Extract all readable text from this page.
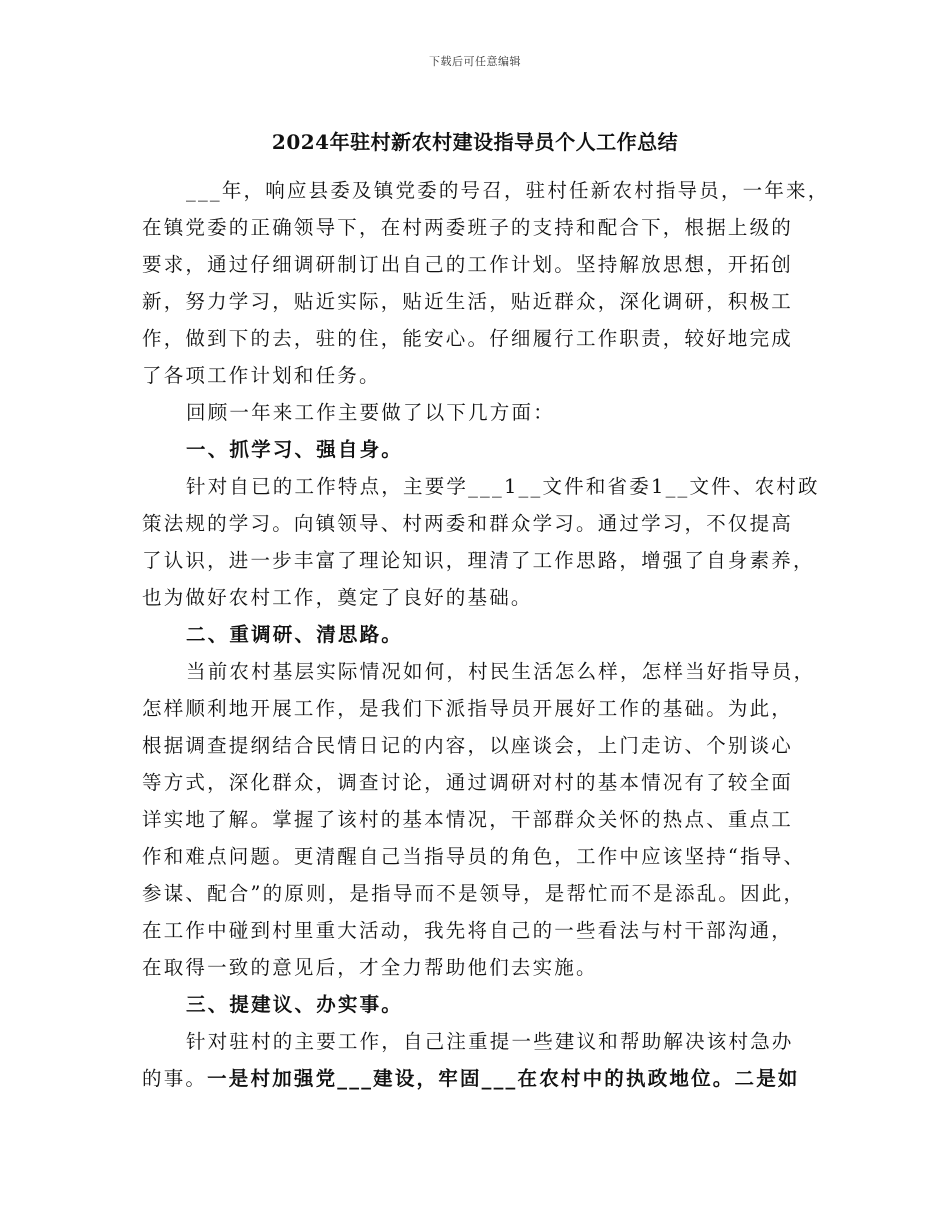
下载后可任意编辑
2024年驻村新农村建设指导员个人工作总结
___年，响应县委及镇党委的号召，驻村任新农村指导员，一年来，
在镇党委的正确领导下，在村两委班子的支持和配合下，根据上级的
要求，通过仔细调研制订出自己的工作计划。坚持解放思想，开拓创
新，努力学习，贴近实际，贴近生活，贴近群众，深化调研，积极工
作，做到下的去，驻的住，能安心。仔细履行工作职责，较好地完成
了各项工作计划和任务。
回顾一年来工作主要做了以下几方面：
一、抓学习、强自身。
针对自已的工作特点，主要学___1__文件和省委1__文件、农村政
策法规的学习。向镇领导、村两委和群众学习。通过学习，不仅提高
了认识，进一步丰富了理论知识，理清了工作思路，增强了自身素养，
也为做好农村工作，奠定了良好的基础。
二、重调研、清思路。
当前农村基层实际情况如何，村民生活怎么样，怎样当好指导员，
怎样顺利地开展工作，是我们下派指导员开展好工作的基础。为此，
根据调查提纲结合民情日记的内容，以座谈会，上门走访、个别谈心
等方式，深化群众，调查讨论，通过调研对村的基本情况有了较全面
详实地了解。掌握了该村的基本情况，干部群众关怀的热点、重点工
作和难点问题。更清醒自己当指导员的角色，工作中应该坚持“指导、
参谋、配合”的原则，是指导而不是领导，是帮忙而不是添乱。因此，
在工作中碰到村里重大活动，我先将自己的一些看法与村干部沟通，
在取得一致的意见后，才全力帮助他们去实施。
三、提建议、办实事。
针对驻村的主要工作，自己注重提一些建议和帮助解决该村急办
的事。一是村加强党___建设，牢固___在农村中的执政地位。二是如
